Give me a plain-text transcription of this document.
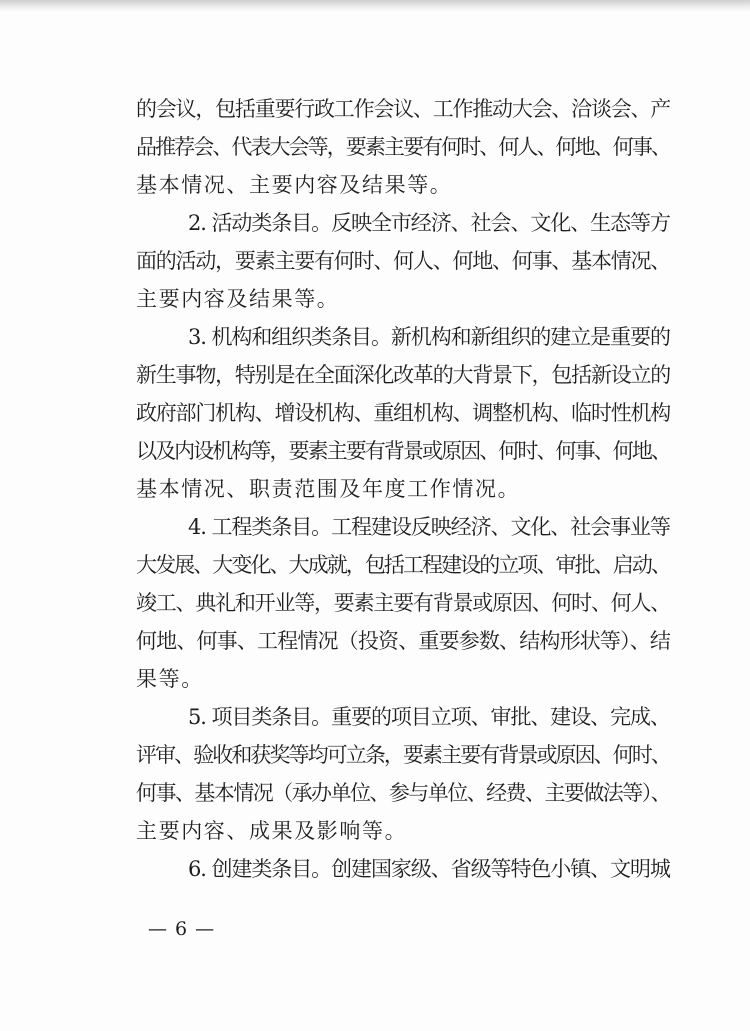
的会议，包括重要行政工作会议、工作推动大会、洽谈会、产
品推荐会、代表大会等，要素主要有何时、何人、何地、何事、
基本情况、主要内容及结果等。
2. 活动类条目。反映全市经济、社会、文化、生态等方
面的活动，要素主要有何时、何人、何地、何事、基本情况、
主要内容及结果等。
3. 机构和组织类条目。新机构和新组织的建立是重要的
新生事物，特别是在全面深化改革的大背景下，包括新设立的
政府部门机构、增设机构、重组机构、调整机构、临时性机构
以及内设机构等，要素主要有背景或原因、何时、何事、何地、
基本情况、职责范围及年度工作情况。
4. 工程类条目。工程建设反映经济、文化、社会事业等
大发展、大变化、大成就，包括工程建设的立项、审批、启动、
竣工、典礼和开业等，要素主要有背景或原因、何时、何人、
何地、何事、工程情况（投资、重要参数、结构形状等）、结
果等。
5. 项目类条目。重要的项目立项、审批、建设、完成、
评审、验收和获奖等均可立条，要素主要有背景或原因、何时、
何事、基本情况（承办单位、参与单位、经费、主要做法等）、
主要内容、成果及影响等。
6. 创建类条目。创建国家级、省级等特色小镇、文明城
— 6 —
